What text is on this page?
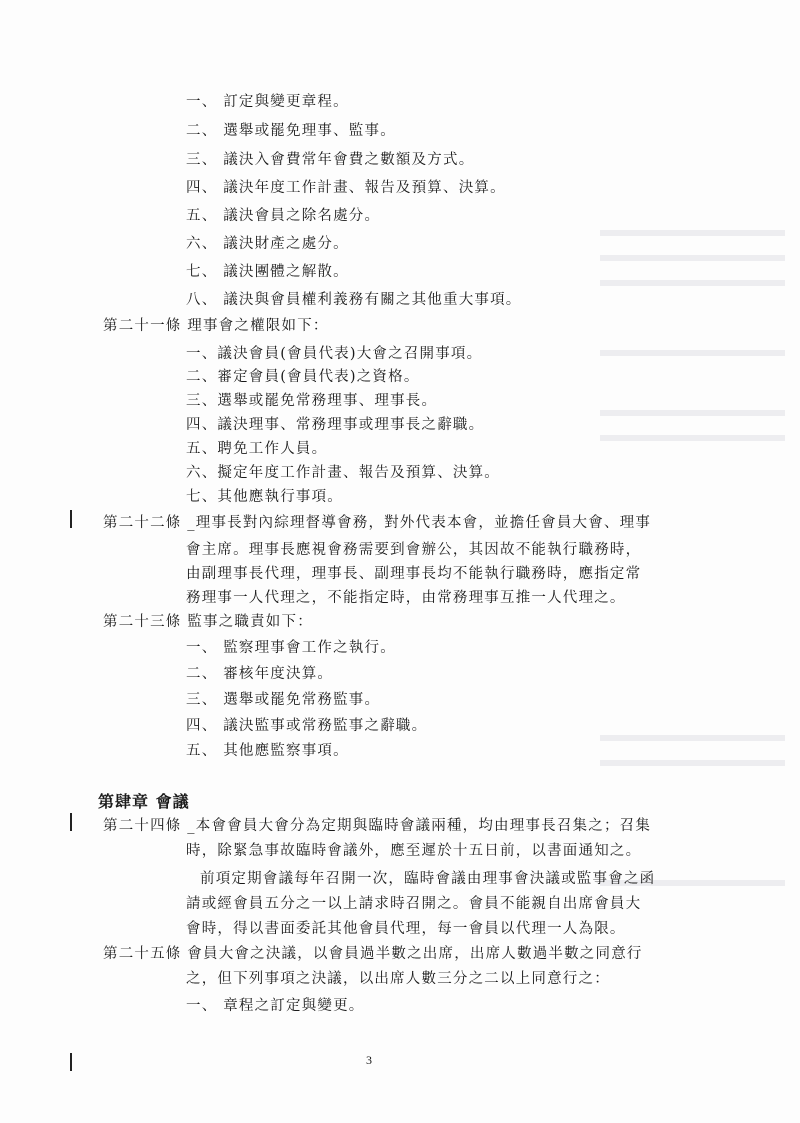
一、 訂定與變更章程。
二、 選舉或罷免理事、監事。
三、 議決入會費常年會費之數額及方式。
四、 議決年度工作計畫、報告及預算、決算。
五、 議決會員之除名處分。
六、 議決財產之處分。
七、 議決團體之解散。
八、 議決與會員權利義務有關之其他重大事項。
第二十一條 理事會之權限如下：
一、議決會員(會員代表)大會之召開事項。
二、審定會員(會員代表)之資格。
三、選舉或罷免常務理事、理事長。
四、議決理事、常務理事或理事長之辭職。
五、聘免工作人員。
六、擬定年度工作計畫、報告及預算、決算。
七、其他應執行事項。
第二十二條 _理事長對內綜理督導會務，對外代表本會，並擔任會員大會、理事
會主席。理事長應視會務需要到會辦公，其因故不能執行職務時，
由副理事長代理，理事長、副理事長均不能執行職務時，應指定常
務理事一人代理之，不能指定時，由常務理事互推一人代理之。
第二十三條 監事之職責如下：
一、 監察理事會工作之執行。
二、 審核年度決算。
三、 選舉或罷免常務監事。
四、 議決監事或常務監事之辭職。
五、 其他應監察事項。
第肆章 會議
第二十四條 _本會會員大會分為定期與臨時會議兩種，均由理事長召集之；召集
時，除緊急事故臨時會議外，應至遲於十五日前，以書面通知之。
前項定期會議每年召開一次，臨時會議由理事會決議或監事會之函
請或經會員五分之一以上請求時召開之。會員不能親自出席會員大
會時，得以書面委託其他會員代理，每一會員以代理一人為限。
第二十五條 會員大會之決議，以會員過半數之出席，出席人數過半數之同意行
之，但下列事項之決議，以出席人數三分之二以上同意行之：
一、 章程之訂定與變更。
3
